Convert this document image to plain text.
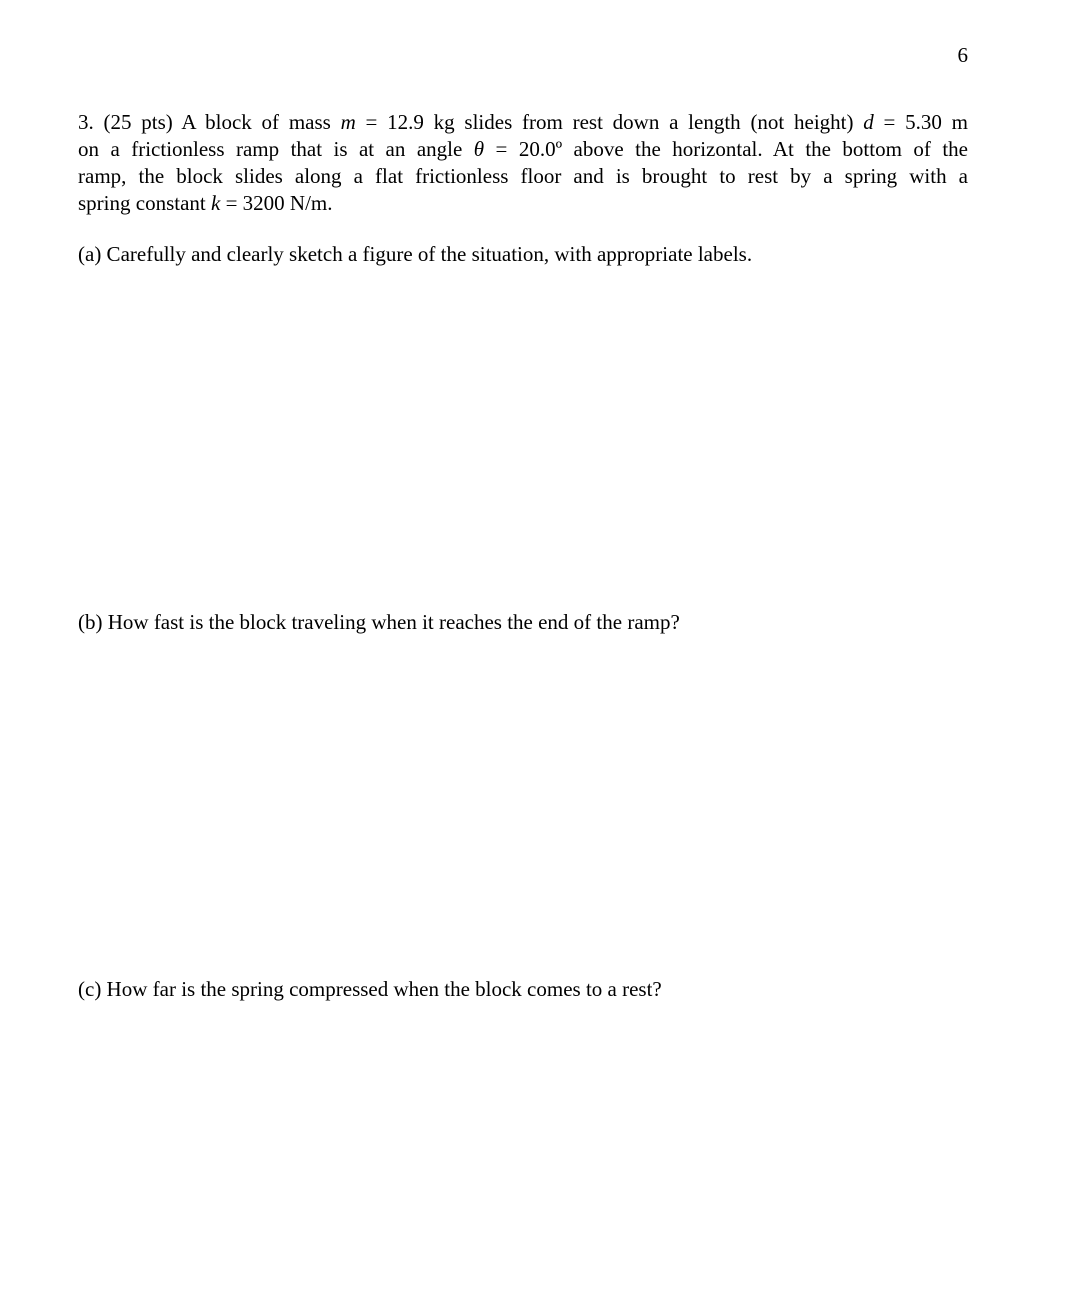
6
3. (25 pts) A block of mass m = 12.9 kg slides from rest down a length (not height) d = 5.30 m
on a frictionless ramp that is at an angle θ = 20.0º above the horizontal. At the bottom of the
ramp, the block slides along a flat frictionless floor and is brought to rest by a spring with a
spring constant k = 3200 N/m.
(a) Carefully and clearly sketch a figure of the situation, with appropriate labels.
(b) How fast is the block traveling when it reaches the end of the ramp?
(c) How far is the spring compressed when the block comes to a rest?
